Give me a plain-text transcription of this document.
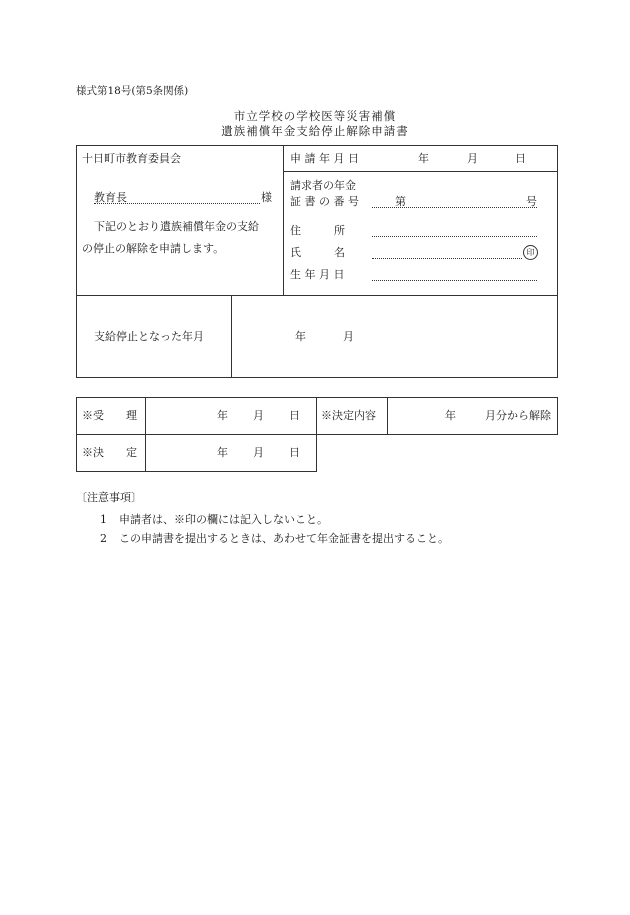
様式第18号(第5条関係)
市立学校の学校医等災害補償
遺族補償年金支給停止解除申請書
十日町市教育委員会
教育長	様
下記のとおり遺族補償年金の支給
の停止の解除を申請します。
申 請 年 月 日	年	月	日
請求者の年金
証 書 の 番 号	第	号
住　　　所
氏　　　名	印
生 年 月 日
支給停止となった年月	年	月
※受　　理	年 月 日 ※決定内容	年	月分から解除
※決　　定	年 月 日
〔注意事項〕
1 申請者は、※印の欄には記入しないこと。
2 この申請書を提出するときは、あわせて年金証書を提出すること。
